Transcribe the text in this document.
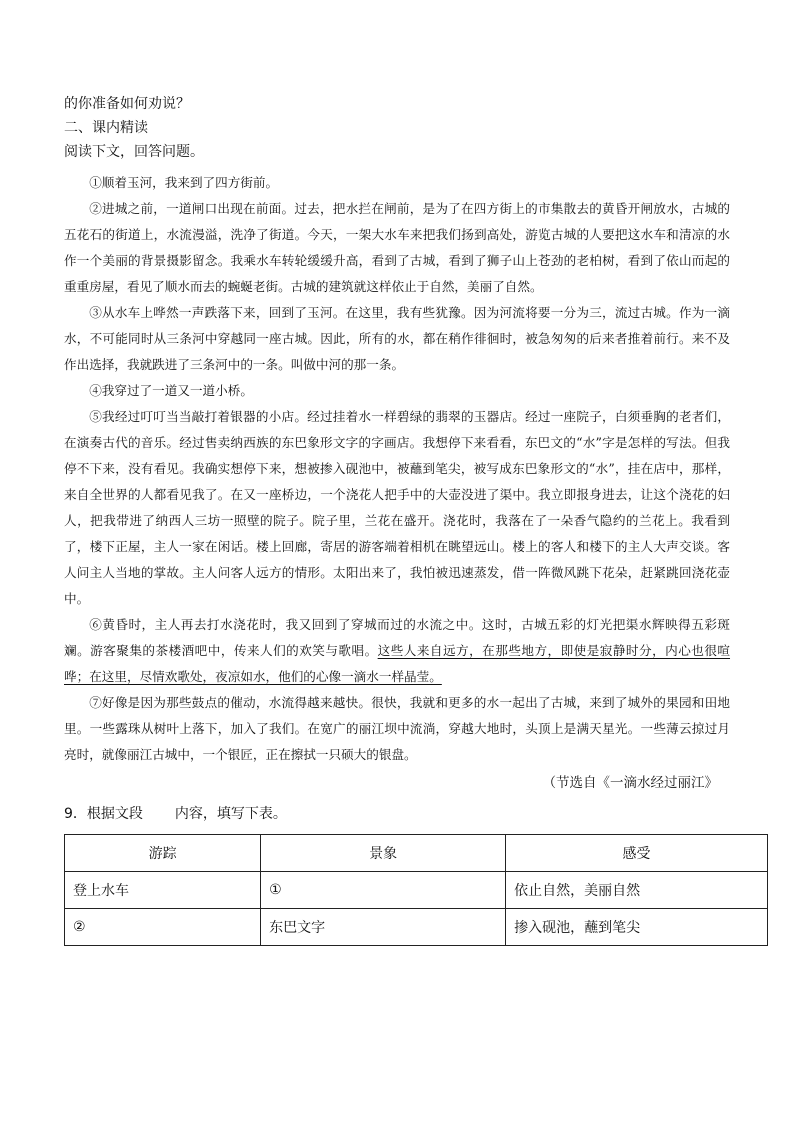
的你准备如何劝说？

二、课内精读

阅读下文，回答问题。

①顺着玉河，我来到了四方街前。

②进城之前，一道闸口出现在前面。过去，把水拦在闸前，是为了在四方街上的市集散去的黄昏开闸放水，古城的五花石的街道上，水流漫溢，洗净了街道。今天，一架大水车来把我们扬到高处，游览古城的人要把这水车和清凉的水作一个美丽的背景摄影留念。我乘水车转轮缓缓升高，看到了古城，看到了狮子山上苍劲的老柏树，看到了依山而起的重重房屋，看见了顺水而去的蜿蜒老街。古城的建筑就这样依止于自然，美丽了自然。

③从水车上哗然一声跌落下来，回到了玉河。在这里，我有些犹豫。因为河流将要一分为三，流过古城。作为一滴水，不可能同时从三条河中穿越同一座古城。因此，所有的水，都在稍作徘徊时，被急匆匆的后来者推着前行。来不及作出选择，我就跌进了三条河中的一条。叫做中河的那一条。

④我穿过了一道又一道小桥。

⑤我经过叮叮当当敲打着银器的小店。经过挂着水一样碧绿的翡翠的玉器店。经过一座院子，白须垂胸的老者们，在演奏古代的音乐。经过售卖纳西族的东巴象形文字的字画店。我想停下来看看，东巴文的“水”字是怎样的写法。但我停不下来，没有看见。我确实想停下来，想被掺入砚池中，被蘸到笔尖，被写成东巴象形文的“水”，挂在店中，那样，来自全世界的人都看见我了。在又一座桥边，一个浇花人把手中的大壶没进了渠中。我立即报身进去，让这个浇花的妇人，把我带进了纳西人三坊一照壁的院子。院子里，兰花在盛开。浇花时，我落在了一朵香气隐约的兰花上。我看到了，楼下正屋，主人一家在闲话。楼上回廊，寄居的游客端着相机在眺望远山。楼上的客人和楼下的主人大声交谈。客人问主人当地的掌故。主人问客人远方的情形。太阳出来了，我怕被迅速蒸发，借一阵微风跳下花朵，赶紧跳回浇花壶中。

⑥黄昏时，主人再去打水浇花时，我又回到了穿城而过的水流之中。这时，古城五彩的灯光把渠水辉映得五彩斑斓。游客聚集的茶楼酒吧中，传来人们的欢笑与歌唱。这些人来自远方，在那些地方，即使是寂静时分，内心也很喧哗；在这里，尽情欢歌处，夜凉如水，他们的心像一滴水一样晶莹。

⑦好像是因为那些鼓点的催动，水流得越来越快。很快，我就和更多的水一起出了古城，来到了城外的果园和田地里。一些露珠从树叶上落下，加入了我们。在宽广的丽江坝中流淌，穿越大地时，头顶上是满天星光。一些薄云掠过月亮时，就像丽江古城中，一个银匠，正在擦拭一只硕大的银盘。

（节选自《一滴水经过丽江》
9．根据文段 内容，填写下表。
游踪	景象	感受
登上水车	①	依止自然，美丽自然
②	东巴文字	掺入砚池，蘸到笔尖
